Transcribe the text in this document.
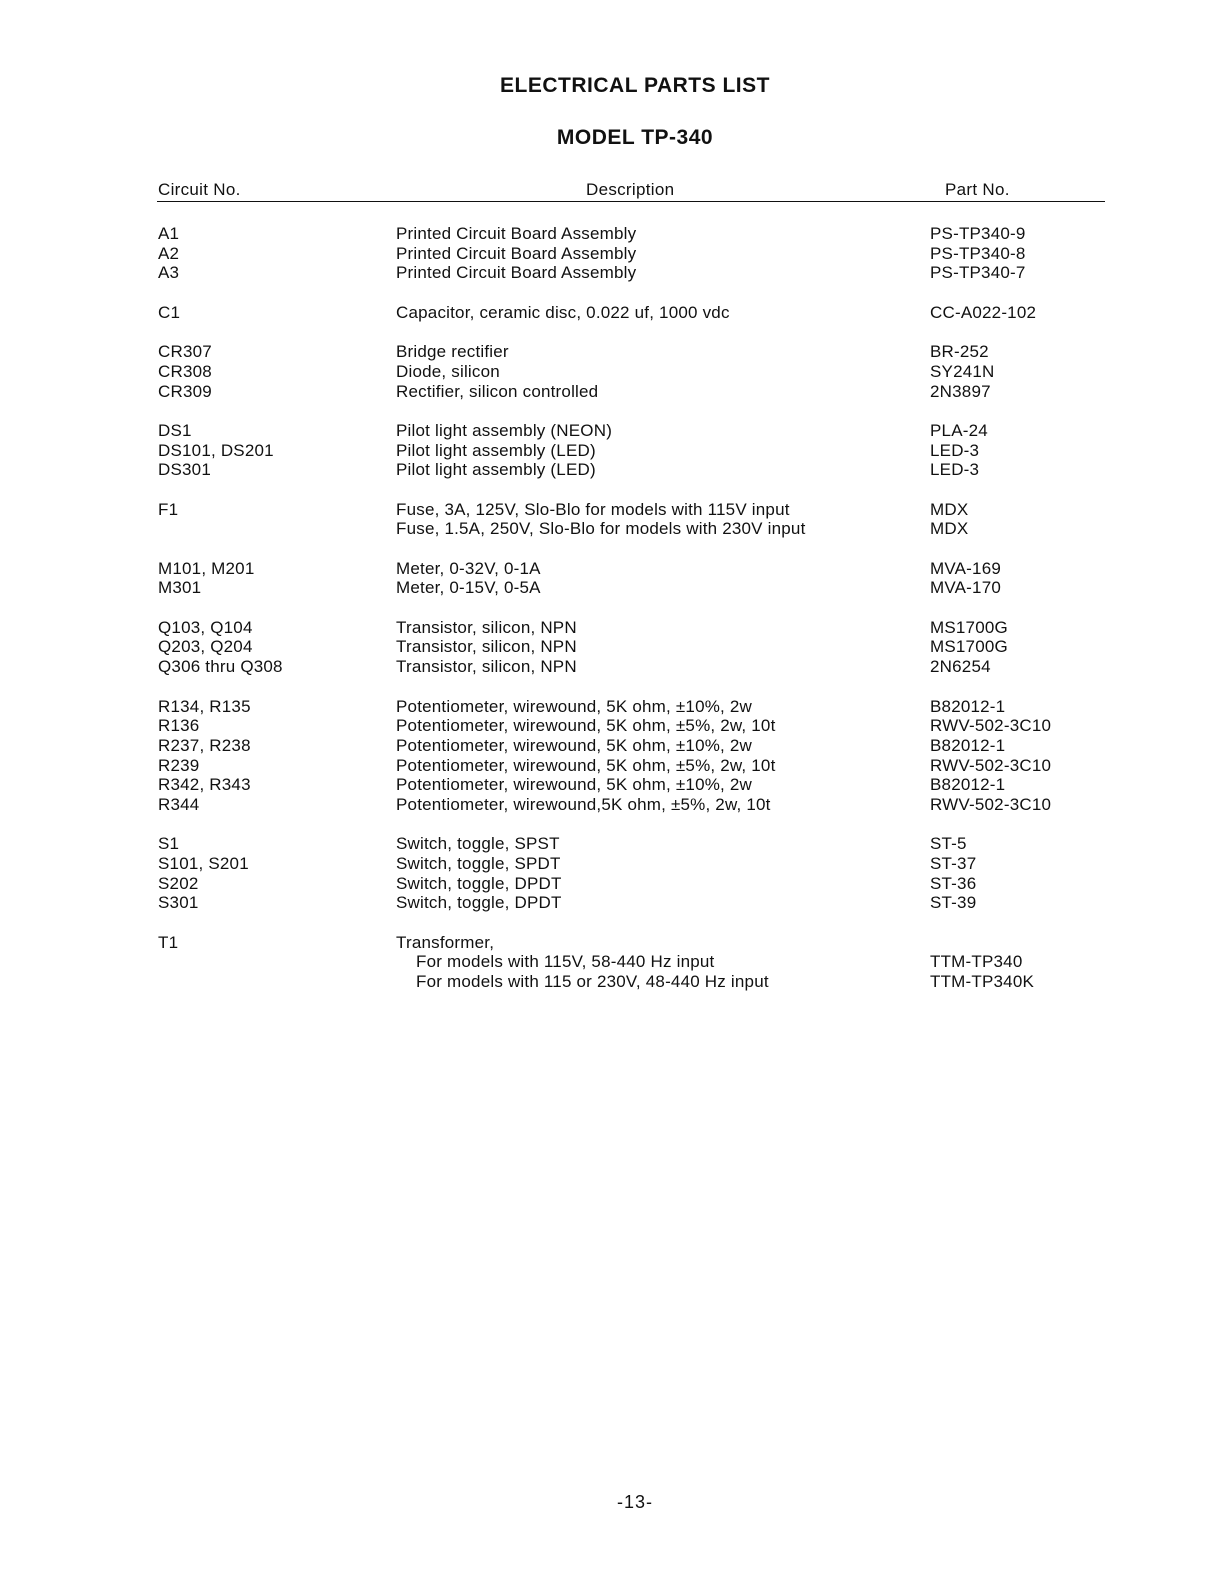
ELECTRICAL PARTS LIST
MODEL TP-340
Circuit No.	Description	Part No.
A1	Printed Circuit Board Assembly	PS-TP340-9
A2	Printed Circuit Board Assembly	PS-TP340-8
A3	Printed Circuit Board Assembly	PS-TP340-7
C1	Capacitor, ceramic disc, 0.022 uf, 1000 vdc	CC-A022-102
CR307	Bridge rectifier	BR-252
CR308	Diode, silicon	SY241N
CR309	Rectifier, silicon controlled	2N3897
DS1	Pilot light assembly (NEON)	PLA-24
DS101, DS201	Pilot light assembly (LED)	LED-3
DS301	Pilot light assembly (LED)	LED-3
F1	Fuse, 3A, 125V, Slo-Blo for models with 115V input	MDX
Fuse, 1.5A, 250V, Slo-Blo for models with 230V input	MDX
M101, M201	Meter, 0-32V, 0-1A	MVA-169
M301	Meter, 0-15V, 0-5A	MVA-170
Q103, Q104	Transistor, silicon, NPN	MS1700G
Q203, Q204	Transistor, silicon, NPN	MS1700G
Q306 thru Q308	Transistor, silicon, NPN	2N6254
R134, R135	Potentiometer, wirewound, 5K ohm, ±10%, 2w	B82012-1
R136	Potentiometer, wirewound, 5K ohm, ±5%, 2w, 10t	RWV-502-3C10
R237, R238	Potentiometer, wirewound, 5K ohm, ±10%, 2w	B82012-1
R239	Potentiometer, wirewound, 5K ohm, ±5%, 2w, 10t	RWV-502-3C10
R342, R343	Potentiometer, wirewound, 5K ohm, ±10%, 2w	B82012-1
R344	Potentiometer, wirewound,5K ohm, ±5%, 2w, 10t	RWV-502-3C10
S1	Switch, toggle, SPST	ST-5
S101, S201	Switch, toggle, SPDT	ST-37
S202	Switch, toggle, DPDT	ST-36
S301	Switch, toggle, DPDT	ST-39
T1	Transformer,
For models with 115V, 58-440 Hz input	TTM-TP340
For models with 115 or 230V, 48-440 Hz input	TTM-TP340K
-13-
